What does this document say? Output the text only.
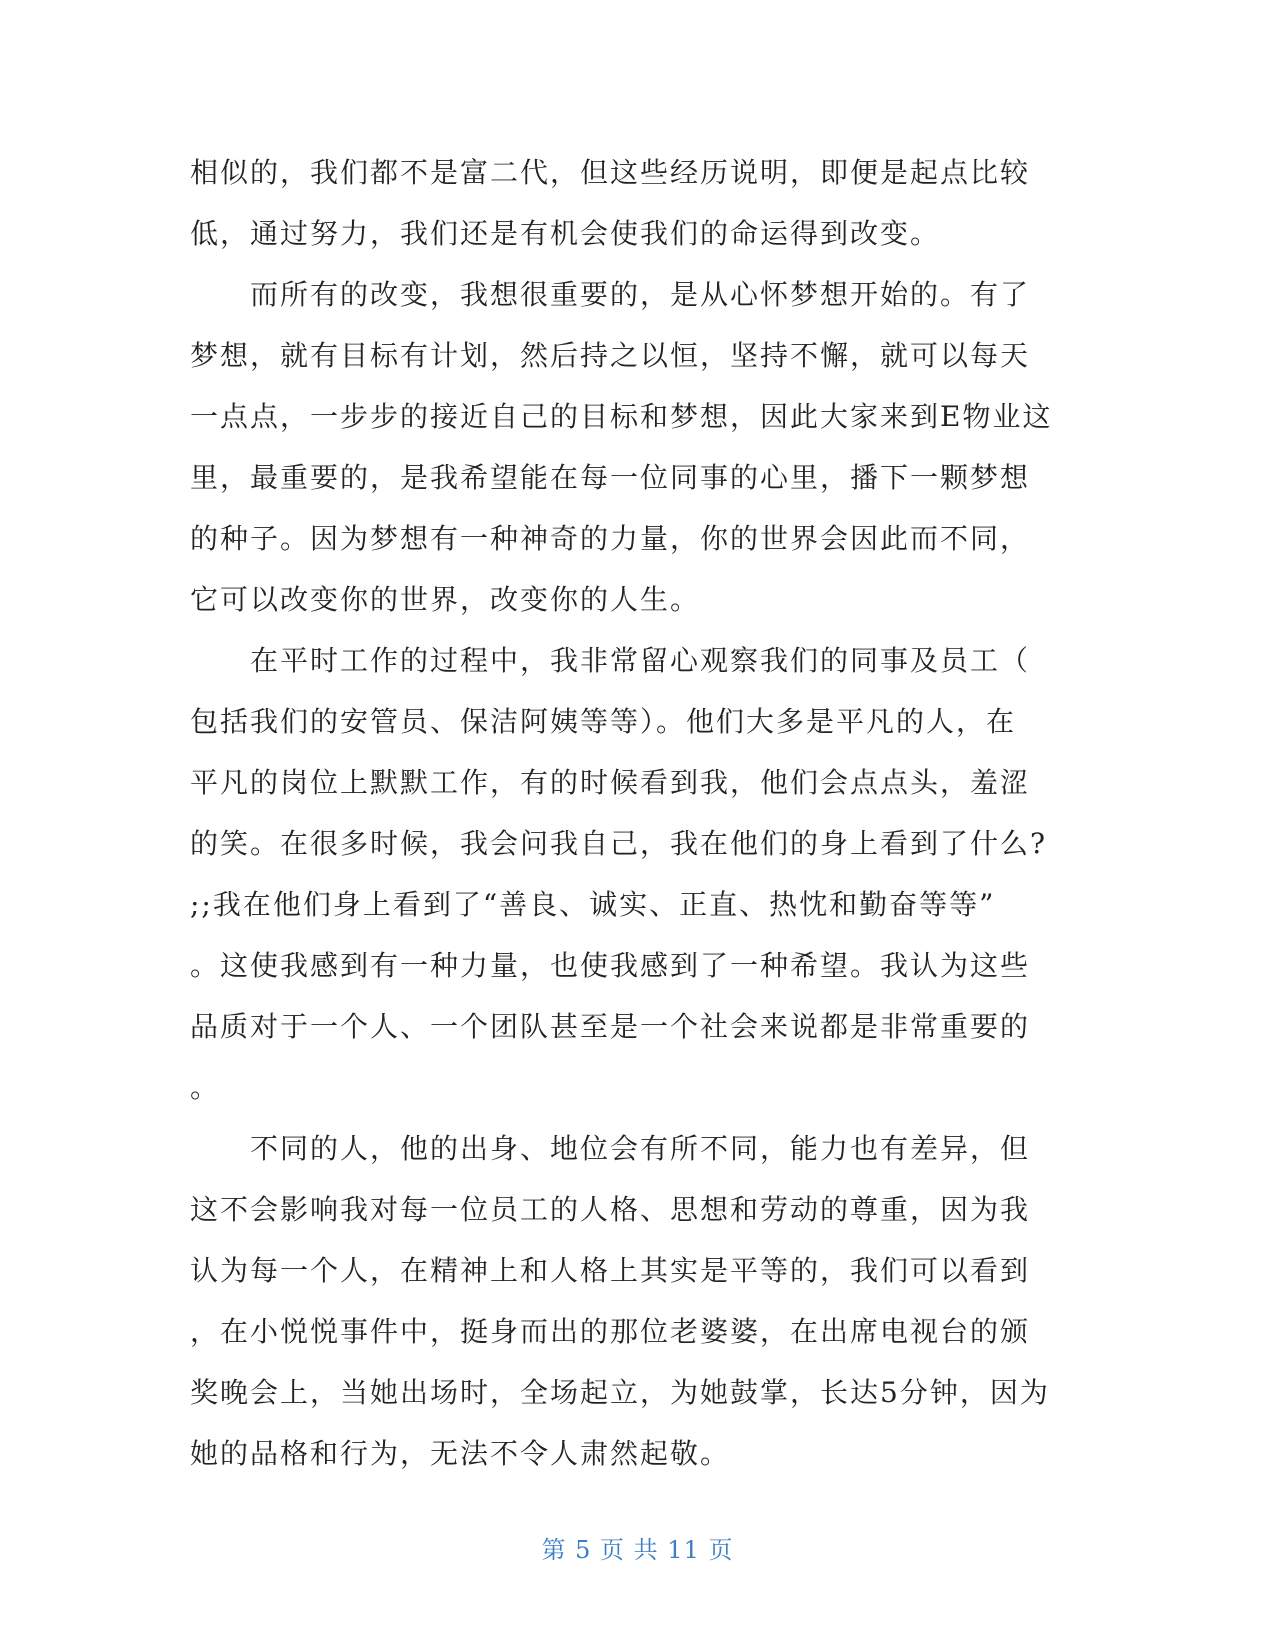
相似的，我们都不是富二代，但这些经历说明，即便是起点比较
低，通过努力，我们还是有机会使我们的命运得到改变。
　　而所有的改变，我想很重要的，是从心怀梦想开始的。有了
梦想，就有目标有计划，然后持之以恒，坚持不懈，就可以每天
一点点，一步步的接近自己的目标和梦想，因此大家来到E物业这
里，最重要的，是我希望能在每一位同事的心里，播下一颗梦想
的种子。因为梦想有一种神奇的力量，你的世界会因此而不同，
它可以改变你的世界，改变你的人生。
　　在平时工作的过程中，我非常留心观察我们的同事及员工（
包括我们的安管员、保洁阿姨等等）。他们大多是平凡的人，在
平凡的岗位上默默工作，有的时候看到我，他们会点点头，羞涩
的笑。在很多时候，我会问我自己，我在他们的身上看到了什么?
;;我在他们身上看到了“善良、诚实、正直、热忱和勤奋等等”
。这使我感到有一种力量，也使我感到了一种希望。我认为这些
品质对于一个人、一个团队甚至是一个社会来说都是非常重要的
。
　　不同的人，他的出身、地位会有所不同，能力也有差异，但
这不会影响我对每一位员工的人格、思想和劳动的尊重，因为我
认为每一个人，在精神上和人格上其实是平等的，我们可以看到
，在小悦悦事件中，挺身而出的那位老婆婆，在出席电视台的颁
奖晚会上，当她出场时，全场起立，为她鼓掌，长达5分钟，因为
她的品格和行为，无法不令人肃然起敬。
第 5 页 共 11 页
